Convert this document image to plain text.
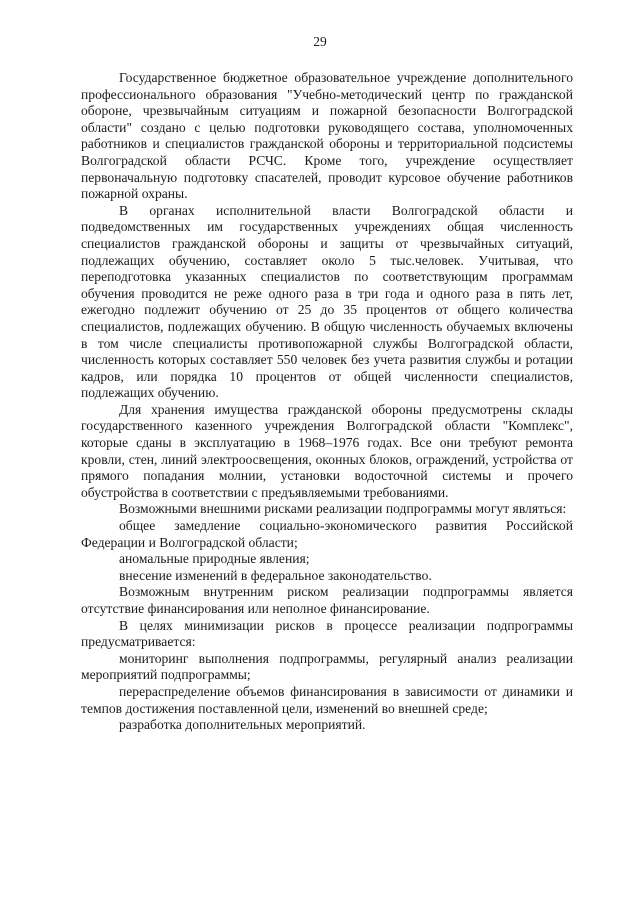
29

Государственное бюджетное образовательное учреждение дополнительного профессионального образования "Учебно-методический центр по гражданской обороне, чрезвычайным ситуациям и пожарной безопасности Волгоградской области" создано с целью подготовки руководящего состава, уполномоченных работников и специалистов гражданской обороны и территориальной подсистемы Волгоградской области РСЧС. Кроме того, учреждение осуществляет первоначальную подготовку спасателей, проводит курсовое обучение работников пожарной охраны.

В органах исполнительной власти Волгоградской области и подведомственных им государственных учреждениях общая численность специалистов гражданской обороны и защиты от чрезвычайных ситуаций, подлежащих обучению, составляет около 5 тыс.человек. Учитывая, что переподготовка указанных специалистов по соответствующим программам обучения проводится не реже одного раза в три года и одного раза в пять лет, ежегодно подлежит обучению от 25 до 35 процентов от общего количества специалистов, подлежащих обучению. В общую численность обучаемых включены в том числе специалисты противопожарной службы Волгоградской области, численность которых составляет 550 человек без учета развития службы и ротации кадров, или порядка 10 процентов от общей численности специалистов, подлежащих обучению.

Для хранения имущества гражданской обороны предусмотрены склады государственного казенного учреждения Волгоградской области "Комплекс", которые сданы в эксплуатацию в 1968–1976 годах. Все они требуют ремонта кровли, стен, линий электроосвещения, оконных блоков, ограждений, устройства от прямого попадания молнии, установки водосточной системы и прочего обустройства в соответствии с предъявляемыми требованиями.

Возможными внешними рисками реализации подпрограммы могут являться:

общее замедление социально-экономического развития Российской Федерации и Волгоградской области;

аномальные природные явления;

внесение изменений в федеральное законодательство.

Возможным внутренним риском реализации подпрограммы является отсутствие финансирования или неполное финансирование.

В целях минимизации рисков в процессе реализации подпрограммы предусматривается:

мониторинг выполнения подпрограммы, регулярный анализ реализации мероприятий подпрограммы;

перераспределение объемов финансирования в зависимости от динамики и темпов достижения поставленной цели, изменений во внешней среде;

разработка дополнительных мероприятий.
